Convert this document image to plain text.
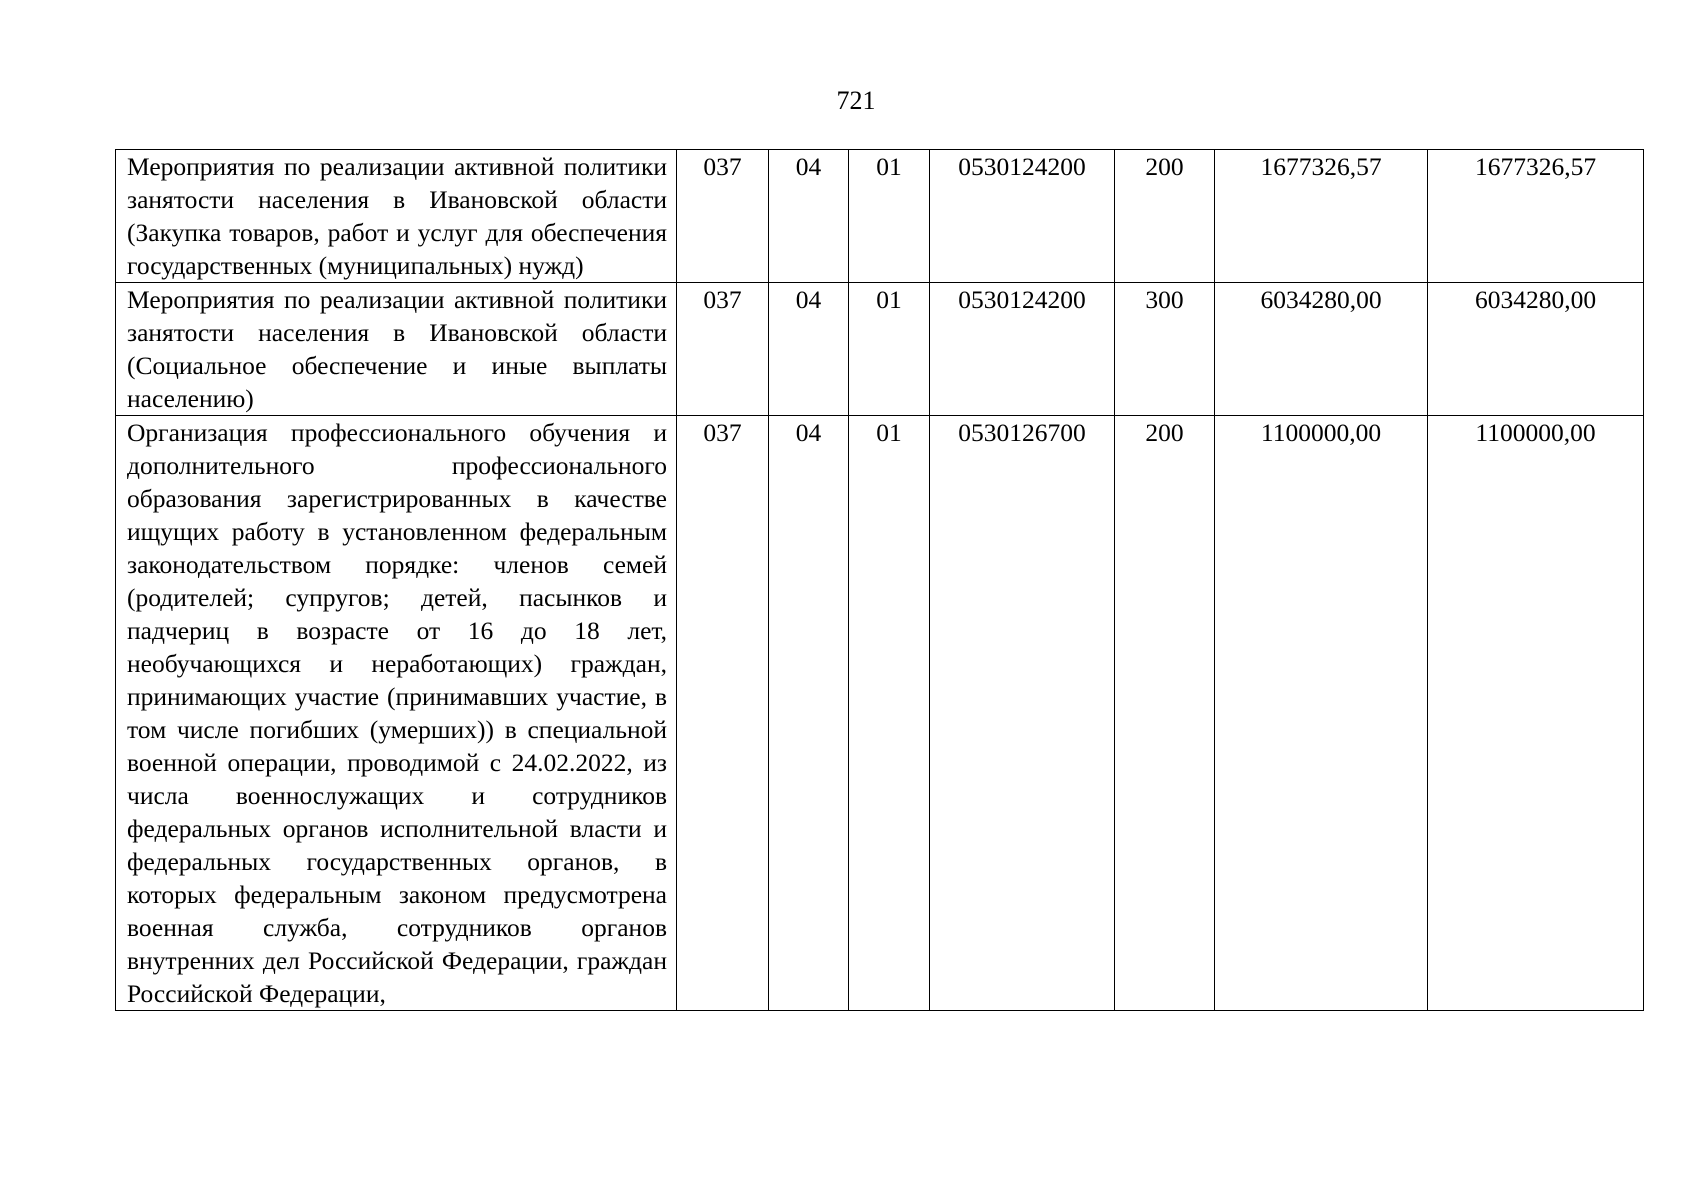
721
Мероприятия по реализации активной политики занятости населения в Ивановской области (Закупка товаров, работ и услуг для обеспечения государственных (муниципальных) нужд)	037	04	01	0530124200	200	1677326,57	1677326,57
Мероприятия по реализации активной политики занятости населения в Ивановской области (Социальное обеспечение и иные выплаты населению)	037	04	01	0530124200	300	6034280,00	6034280,00
Организация профессионального обучения и дополнительного профессионального образования зарегистрированных в качестве ищущих работу в установленном федеральным законодательством порядке: членов семей (родителей; супругов; детей, пасынков и падчериц в возрасте от 16 до 18 лет, необучающихся и неработающих) граждан, принимающих участие (принимавших участие, в том числе погибших (умерших)) в специальной военной операции, проводимой с 24.02.2022, из числа военнослужащих и сотрудников федеральных органов исполнительной власти и федеральных государственных органов, в которых федеральным законом предусмотрена военная служба, сотрудников органов внутренних дел Российской Федерации, граждан Российской Федерации,	037	04	01	0530126700	200	1100000,00	1100000,00
